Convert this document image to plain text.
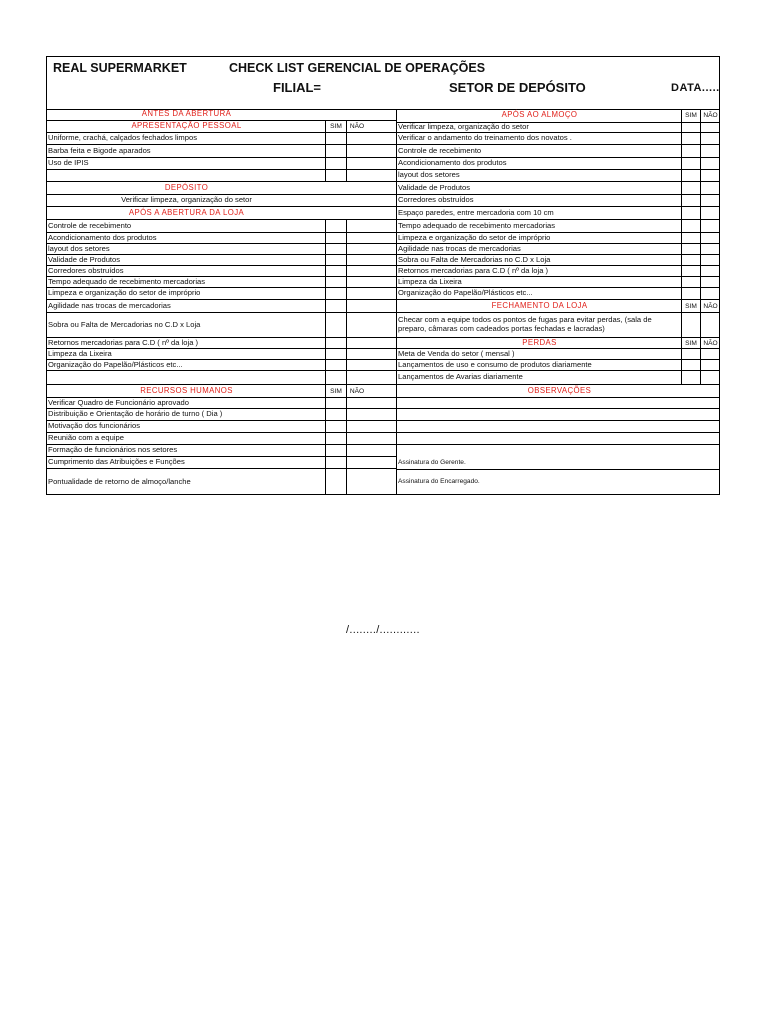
REAL SUPERMARKET	CHECK LIST GERENCIAL DE OPERAÇÕES
FILIAL=	SETOR DE DEPÓSITO	DATA.....
ANTES DA ABERTURA
APRESENTAÇÃO PESSOAL	SIM	NÃO
Uniforme, crachá, calçados fechados limpos
Barba feita e Bigode aparados
Uso de IPIS
DEPÓSITO
Verificar limpeza, organização do setor
APÓS A ABERTURA DA LOJA
Controle de recebimento
Acondicionamento dos produtos
layout dos setores
Validade de Produtos
Corredores obstruídos
Tempo adequado de recebimento mercadorias
Limpeza e organização do setor de impróprio
Agilidade nas trocas de mercadorias
Sobra ou Falta de Mercadorias no C.D x Loja
Retornos mercadorias para C.D ( nº da loja )
Limpeza da Lixeira
Organização do Papelão/Plásticos etc...
RECURSOS HUMANOS	SIM	NÃO
Verificar Quadro de Funcionário aprovado
Distribuição e Orientação de horário de turno ( Dia )
Motivação dos funcionários
Reunião com a equipe
Formação de funcionários nos setores
Cumprimento das Atribuições e Funções
Pontualidade de retorno de almoço/lanche
APÓS AO ALMOÇO	SIM NÃO
Verificar limpeza, organização do setor
Verificar o andamento do treinamento dos novatos .
Controle de recebimento
Acondicionamento dos produtos
layout dos setores
Validade de Produtos
Corredores obstruídos
Espaço paredes, entre mercadoria com 10 cm
Tempo adequado de recebimento mercadorias
Limpeza e organização do setor de impróprio
Agilidade nas trocas de mercadorias
Sobra ou Falta de Mercadorias no C.D x Loja
Retornos mercadorias para C.D ( nº da loja )
Limpeza da Lixeira
Organização do Papelão/Plásticos etc...
FECHAMENTO DA LOJA	SIM NÃO
Checar com a equipe todos os pontos de fugas para evitar perdas, (sala de preparo, câmaras com cadeados portas fechadas e lacradas)
PERDAS	SIM NÃO
Meta de Venda do setor ( mensal )
Lançamentos de uso e consumo de produtos diariamente
Lançamentos de Avarias diariamente
OBSERVAÇÕES
Assinatura do Gerente.
Assinatura do Encarregado.
/......../............
